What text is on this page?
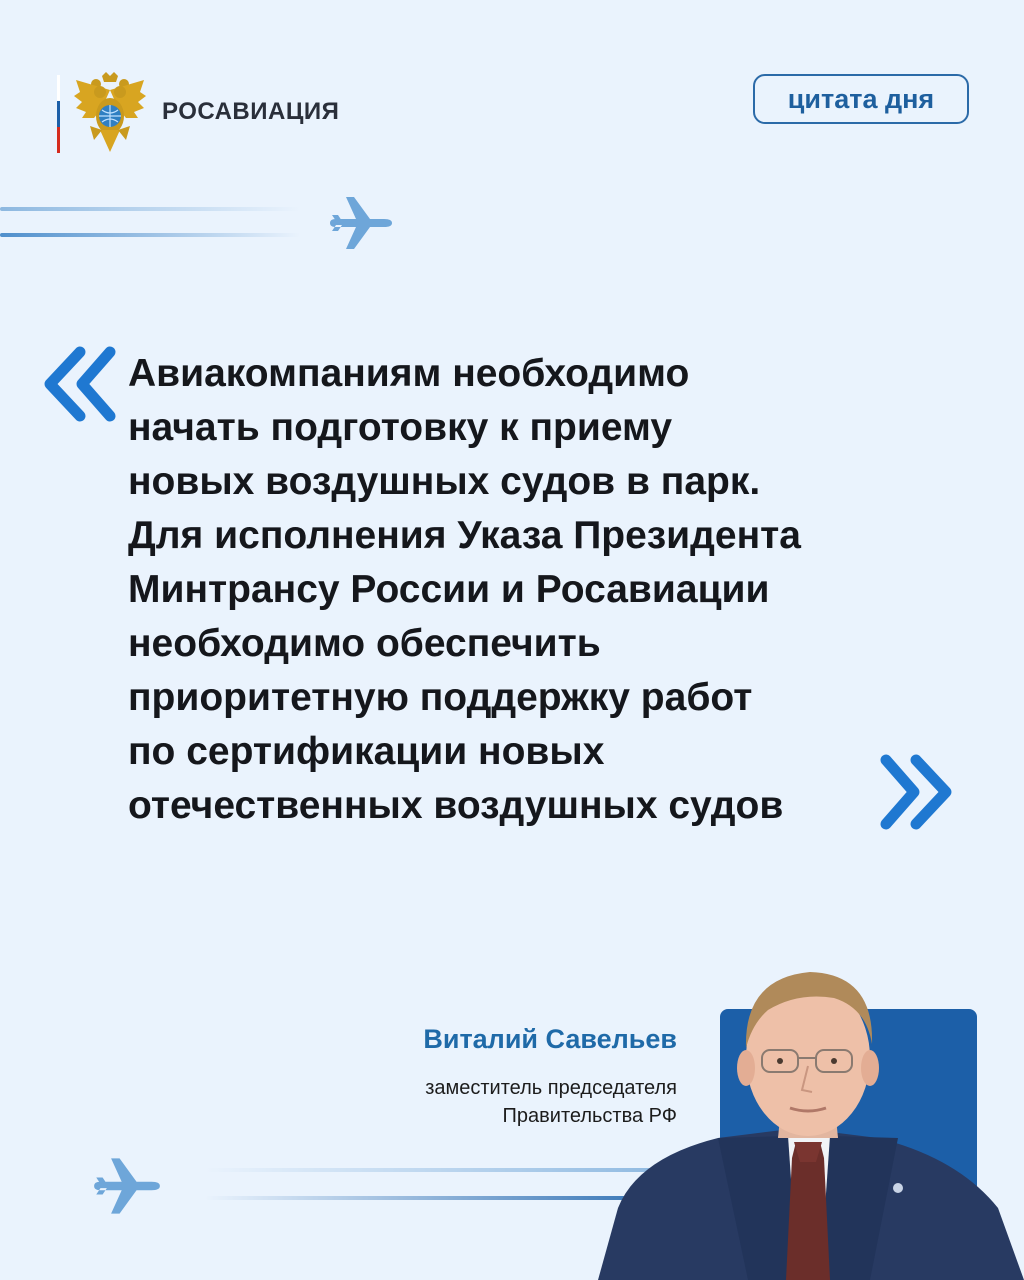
РОСАВИАЦИЯ	цитата дня
Авиакомпаниям необходимо
начать подготовку к приему
новых воздушных судов в парк.
Для исполнения Указа Президента
Минтрансу России и Росавиации
необходимо обеспечить
приоритетную поддержку работ
по сертификации новых
отечественных воздушных судов
Виталий Савельев
заместитель председателя
Правительства РФ
